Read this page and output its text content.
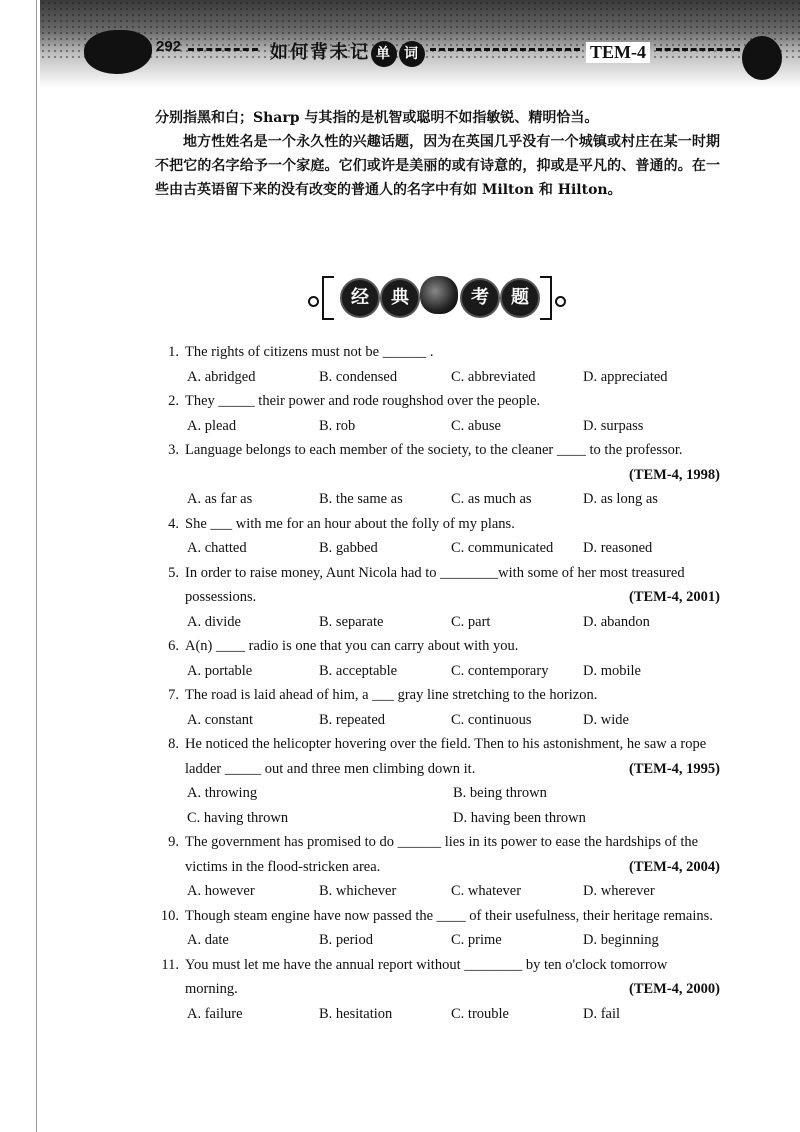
292	如何背未记 单 词	TEM-4

分别指黑和白；Sharp 与其指的是机智或聪明不如指敏锐、精明恰当。

地方性姓名是一个永久性的兴趣话题，因为在英国几乎没有一个城镇或村庄在某一时期不把它的名字给予一个家庭。它们或许是美丽的或有诗意的，抑或是平凡的、普通的。在一些由古英语留下来的没有改变的普通人的名字中有如 Milton 和 Hilton。

经	典	考	题
1. The rights of citizens must not be ______ .
A. abridged	B. condensed	C. abbreviated	D. appreciated
2. They _____ their power and rode roughshod over the people.
A. plead	B. rob	C. abuse	D. surpass
3. Language belongs to each member of the society, to the cleaner ____ to the professor.
(TEM-4, 1998)
A. as far as	B. the same as	C. as much as	D. as long as
4. She ___ with me for an hour about the folly of my plans.
A. chatted	B. gabbed	C. communicated D. reasoned
5. In order to raise money, Aunt Nicola had to ________with some of her most treasured possessions.	(TEM-4, 2001)
A. divide	B. separate	C. part	D. abandon
6. A(n) ____ radio is one that you can carry about with you.
A. portable	B. acceptable	C. contemporary D. mobile
7. The road is laid ahead of him, a ___ gray line stretching to the horizon.
A. constant	B. repeated	C. continuous	D. wide
8. He noticed the helicopter hovering over the field. Then to his astonishment, he saw a rope ladder _____ out and three men climbing down it.	(TEM-4, 1995)
A. throwing	B. being thrown
C. having thrown	D. having been thrown
9. The government has promised to do ______ lies in its power to ease the hardships of the victims in the flood-stricken area.	(TEM-4, 2004)
A. however	B. whichever	C. whatever	D. wherever
10. Though steam engine have now passed the ____ of their usefulness, their heritage remains.
A. date	B. period	C. prime	D. beginning
11. You must let me have the annual report without ________ by ten o'clock tomorrow morning.	(TEM-4, 2000)
A. failure	B. hesitation	C. trouble	D. fail
